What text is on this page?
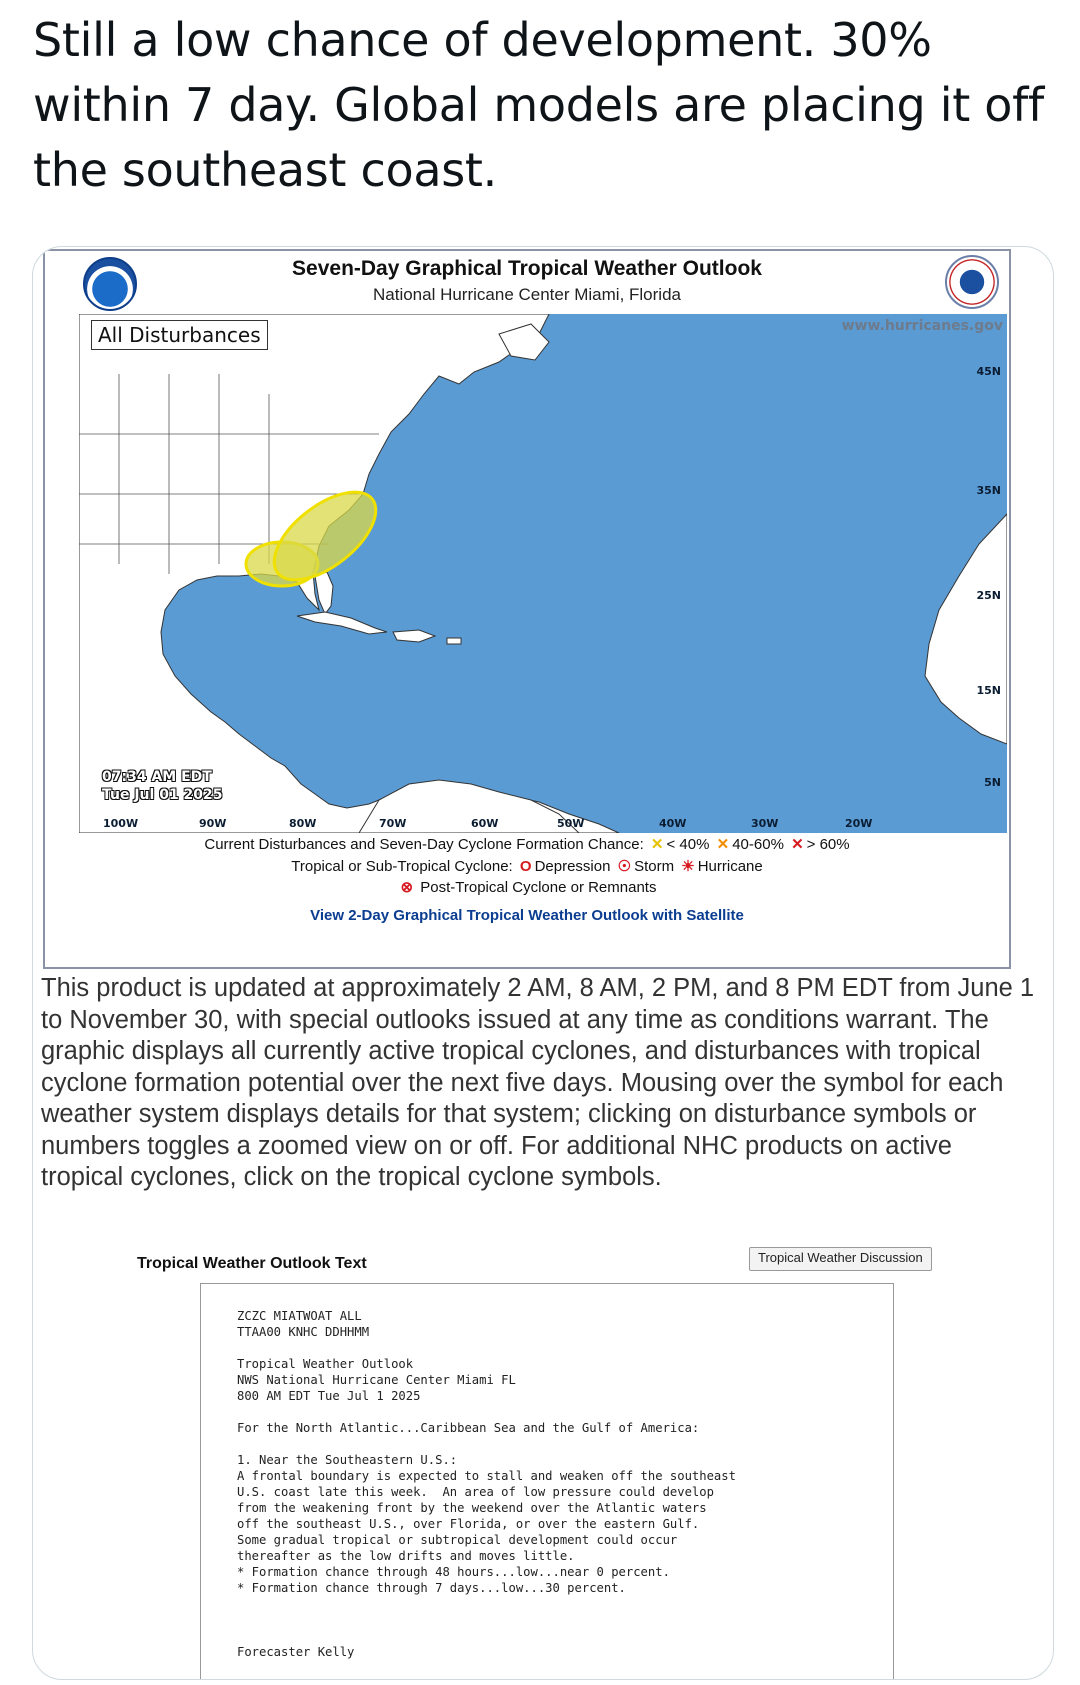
Still a low chance of development. 30% within 7 day. Global models are placing it off the southeast coast.
Seven-Day Graphical Tropical Weather Outlook
National Hurricane Center Miami, Florida
45N
35N
25N
15N
5N
100W	90W	80W	70W	60W	50W	40W	30W	20W
www.hurricanes.gov
All Disturbances
07:34 AM EDT
Tue Jul 01 2025
Current Disturbances and Seven-Day Cyclone Formation Chance: ✕ < 40% ✕ 40-60% ✕ > 60%
Tropical or Sub-Tropical Cyclone: O Depression ☉ Storm ☀ Hurricane
⊗ Post-Tropical Cyclone or Remnants
View 2-Day Graphical Tropical Weather Outlook with Satellite
This product is updated at approximately 2 AM, 8 AM, 2 PM, and 8 PM EDT from June 1 to November 30, with special outlooks issued at any time as conditions warrant. The graphic displays all currently active tropical cyclones, and disturbances with tropical cyclone formation potential over the next five days. Mousing over the symbol for each weather system displays details for that system; clicking on disturbance symbols or numbers toggles a zoomed view on or off. For additional NHC products on active tropical cyclones, click on the tropical cyclone symbols.
Tropical Weather Outlook Text	Tropical Weather Discussion
ZCZC MIATWOAT ALL
TTAA00 KNHC DDHHMM

Tropical Weather Outlook
NWS National Hurricane Center Miami FL
800 AM EDT Tue Jul 1 2025

For the North Atlantic...Caribbean Sea and the Gulf of America:

1. Near the Southeastern U.S.:
A frontal boundary is expected to stall and weaken off the southeast
U.S. coast late this week.  An area of low pressure could develop
from the weakening front by the weekend over the Atlantic waters
off the southeast U.S., over Florida, or over the eastern Gulf.
Some gradual tropical or subtropical development could occur
thereafter as the low drifts and moves little.
* Formation chance through 48 hours...low...near 0 percent.
* Formation chance through 7 days...low...30 percent.

Forecaster Kelly
